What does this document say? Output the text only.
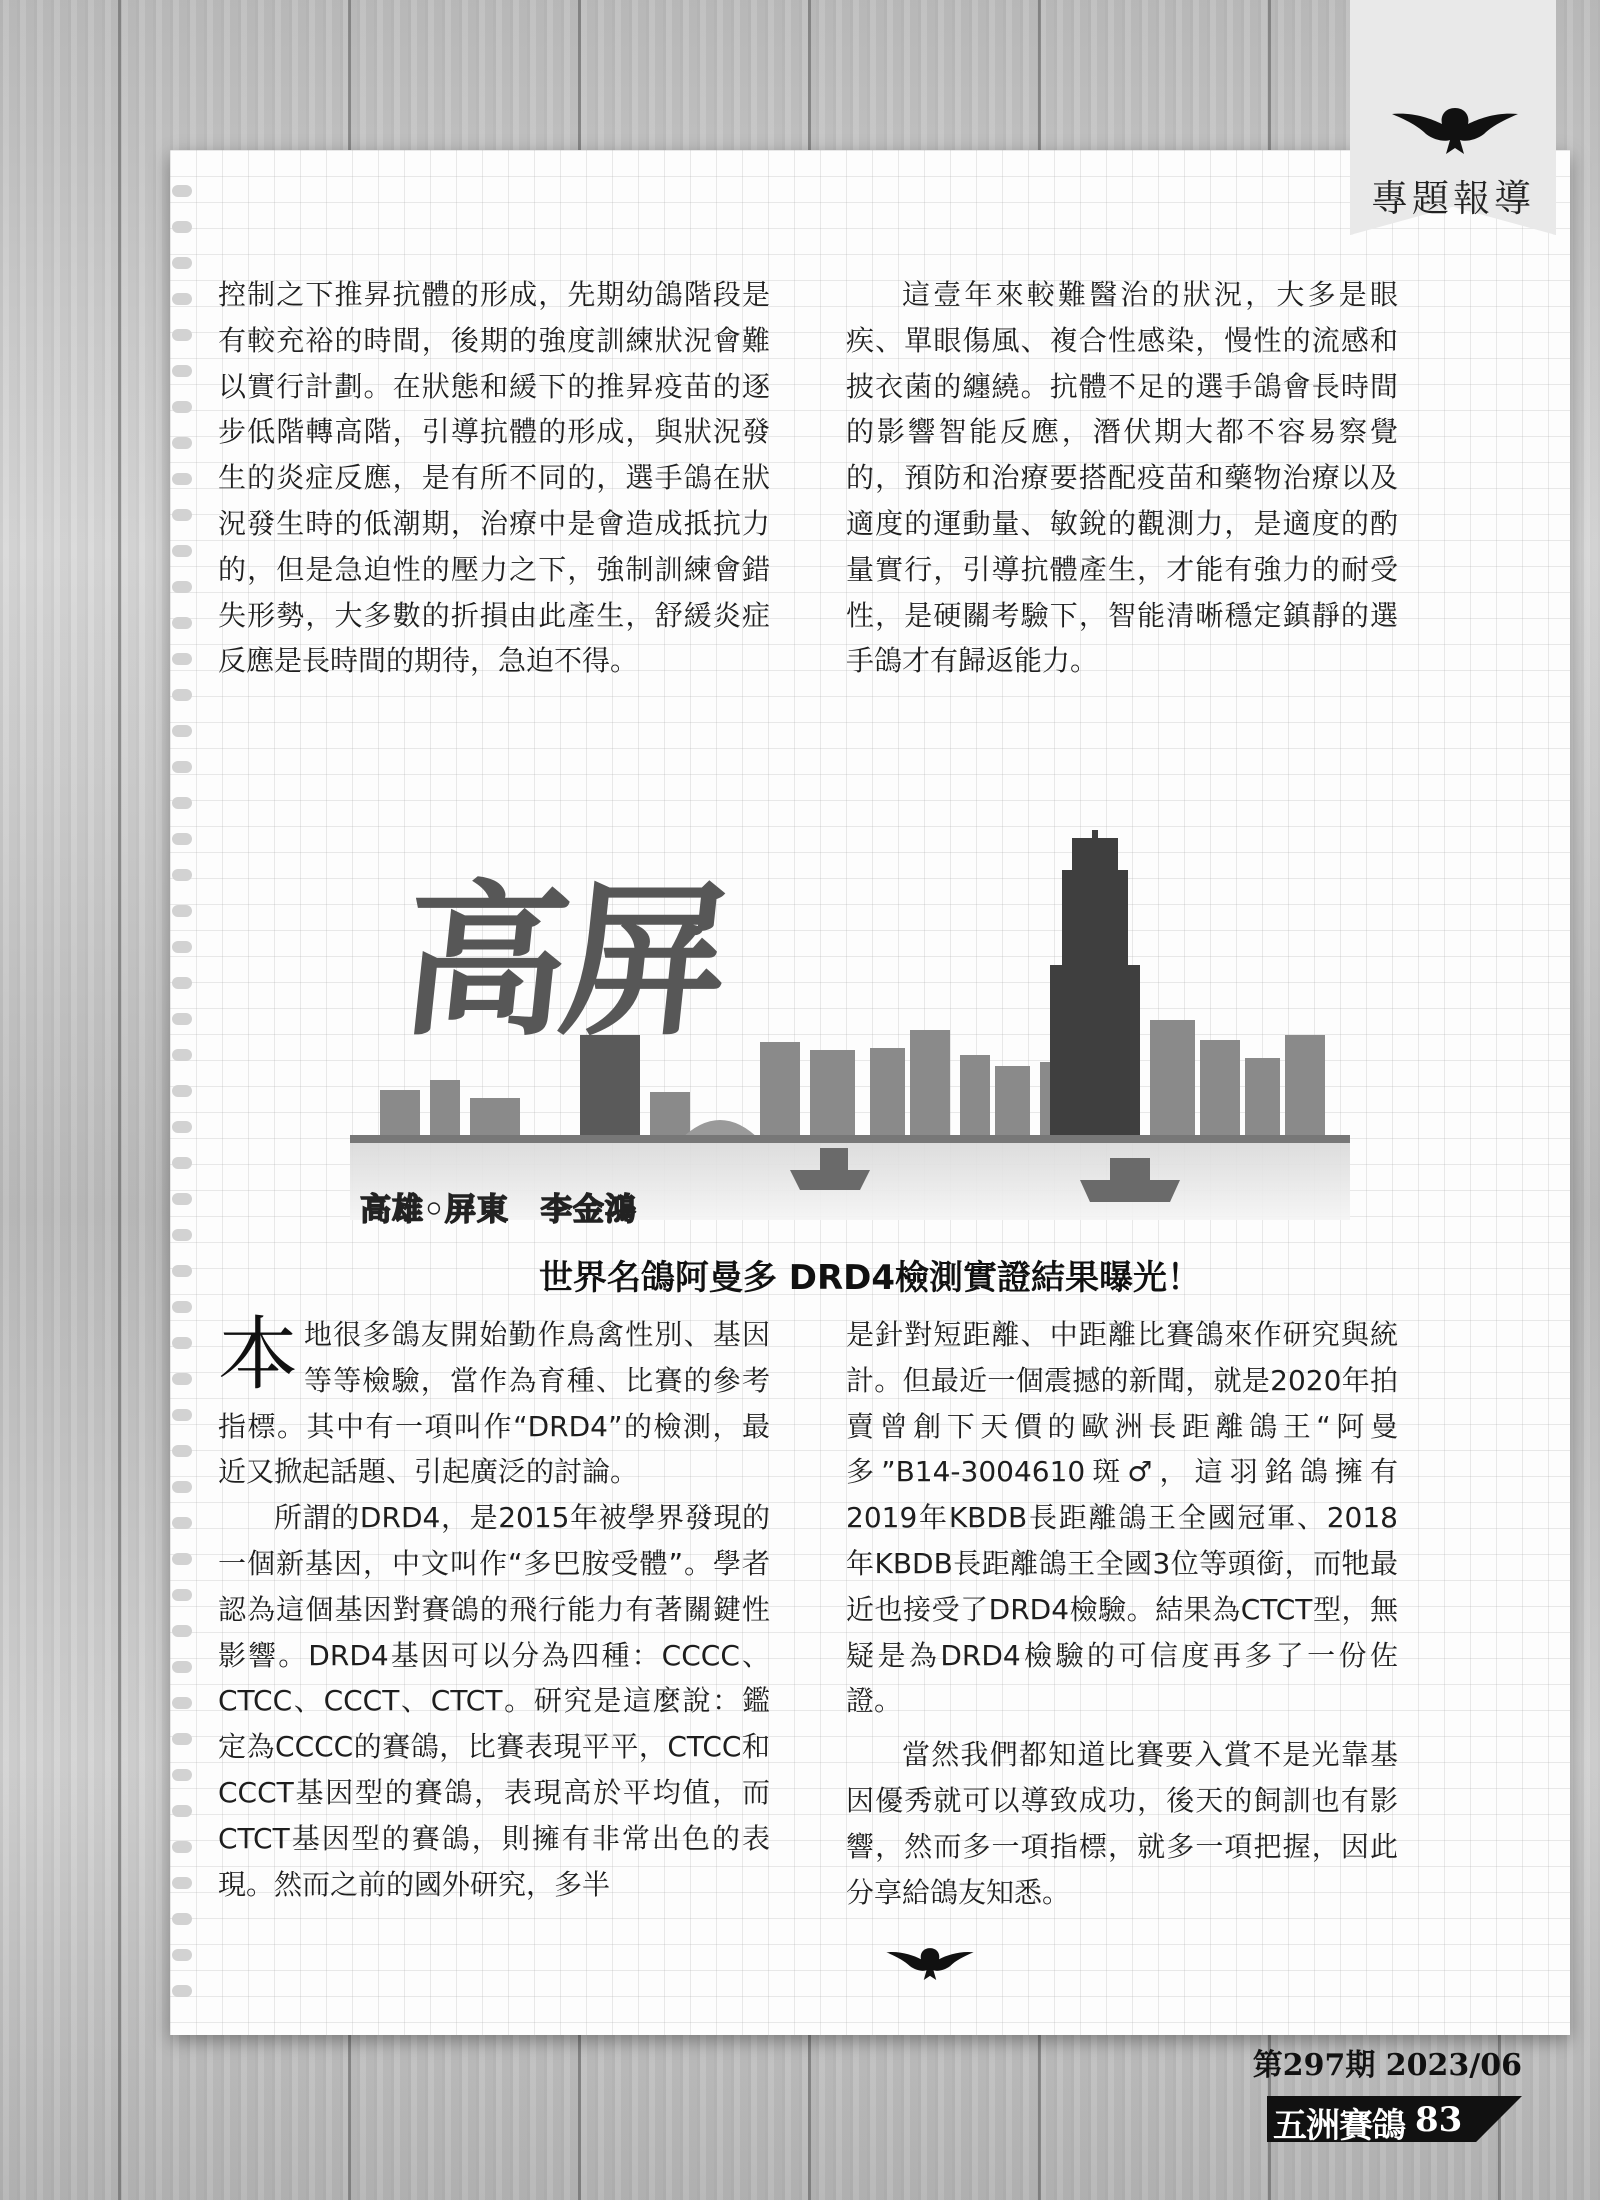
專題報導

控制之下推昇抗體的形成，先期幼鴿階段是有較充裕的時間，後期的強度訓練狀況會難以實行計劃。在狀態和緩下的推昇疫苗的逐步低階轉高階，引導抗體的形成，與狀況發生的炎症反應，是有所不同的，選手鴿在狀況發生時的低潮期，治療中是會造成抵抗力的，但是急迫性的壓力之下，強制訓練會錯失形勢，大多數的折損由此產生，舒緩炎症反應是長時間的期待，急迫不得。

這壹年來較難醫治的狀況，大多是眼疾、單眼傷風、複合性感染，慢性的流感和披衣菌的纏繞。抗體不足的選手鴿會長時間的影響智能反應，潛伏期大都不容易察覺的，預防和治療要搭配疫苗和藥物治療以及適度的運動量、敏銳的觀測力，是適度的酌量實行，引導抗體產生，才能有強力的耐受性，是硬關考驗下，智能清晰穩定鎮靜的選手鴿才有歸返能力。

高屏
高雄•屏東　李金鴻
世界名鴿阿曼多 DRD4檢測實證結果曝光！
本 地很多鴿友開始勤作鳥禽性別、基因等等檢驗，當作為育種、比賽的參考指標。其中有一項叫作“DRD4”的檢測，最近又掀起話題、引起廣泛的討論。

所謂的DRD4，是2015年被學界發現的一個新基因，中文叫作“多巴胺受體”。學者認為這個基因對賽鴿的飛行能力有著關鍵性影響。DRD4基因可以分為四種：CCCC、CTCC、CCCT、CTCT。研究是這麼說：鑑定為CCCC的賽鴿，比賽表現平平，CTCC和CCCT基因型的賽鴿，表現高於平均值，而CTCT基因型的賽鴿，則擁有非常出色的表現。然而之前的國外研究，多半

是針對短距離、中距離比賽鴿來作研究與統計。但最近一個震撼的新聞，就是2020年拍賣曾創下天價的歐洲長距離鴿王“阿曼多”B14-3004610斑♂，這羽銘鴿擁有2019年KBDB長距離鴿王全國冠軍、2018年KBDB長距離鴿王全國3位等頭銜，而牠最近也接受了DRD4檢驗。結果為CTCT型，無疑是為DRD4檢驗的可信度再多了一份佐證。

當然我們都知道比賽要入賞不是光靠基因優秀就可以導致成功，後天的飼訓也有影響，然而多一項指標，就多一項把握，因此分享給鴿友知悉。

第297期 2023/06
五洲賽鴿 83
